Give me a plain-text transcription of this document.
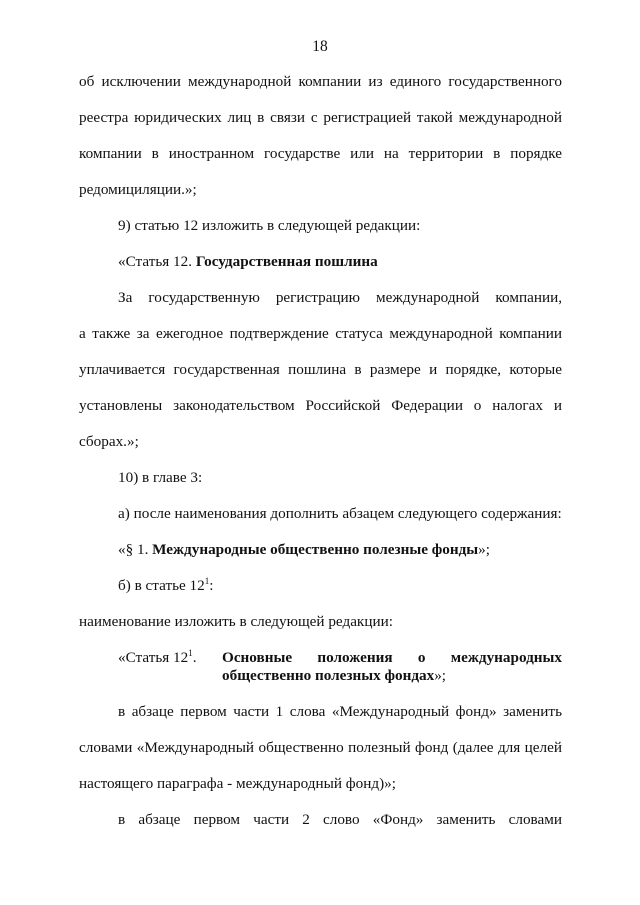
18
об исключении международной компании из единого государственного
реестра юридических лиц в связи с регистрацией такой международной
компании в иностранном государстве или на территории в порядке
редомициляции.»;
9) статью 12 изложить в следующей редакции:
«Статья 12. Государственная пошлина
За государственную регистрацию международной компании,
а также за ежегодное подтверждение статуса международной компании
уплачивается государственная пошлина в размере и порядке, которые
установлены законодательством Российской Федерации о налогах и
сборах.»;
10) в главе 3:
а) после наименования дополнить абзацем следующего содержания:
«§ 1. Международные общественно полезные фонды»;
б) в статье $12^1$:
наименование изложить в следующей редакции:
«Статья $12^1$. Основные положения о международных
общественно полезных фондах»;
в абзаце первом части 1 слова «Международный фонд» заменить
словами «Международный общественно полезный фонд (далее для целей
настоящего параграфа - международный фонд)»;
в абзаце первом части 2 слово «Фонд» заменить словами
